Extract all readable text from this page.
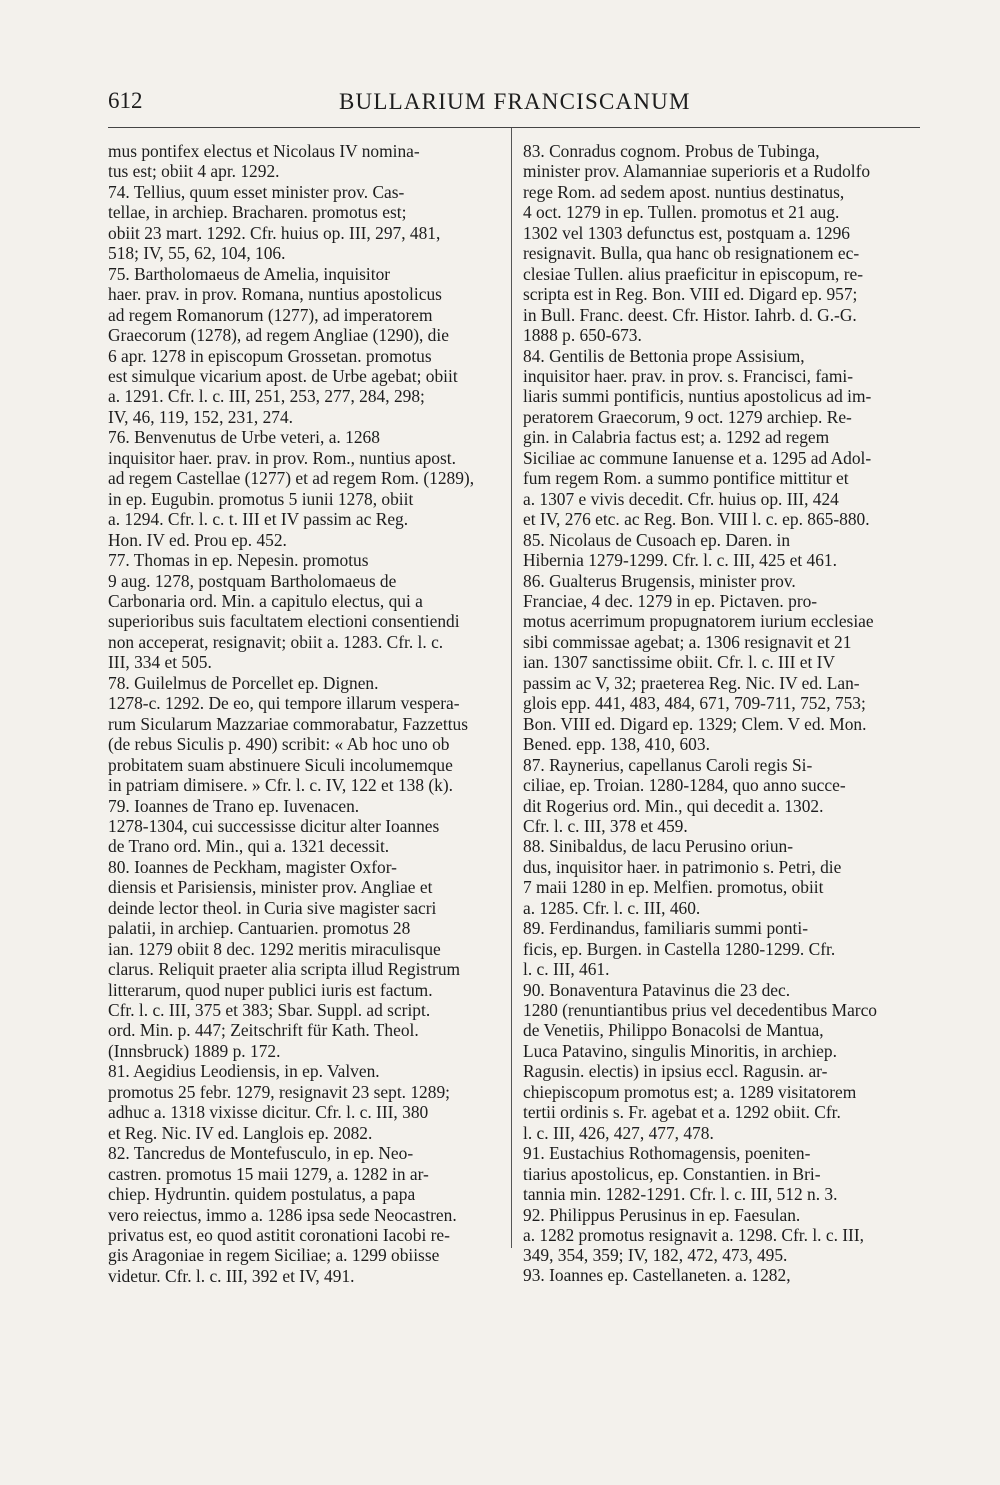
612	BULLARIUM FRANCISCANUM
mus pontifex electus et Nicolaus IV nomina-
tus est; obiit 4 apr. 1292.
74. Tellius, quum esset minister prov. Cas-
tellae, in archiep. Bracharen. promotus est;
obiit 23 mart. 1292. Cfr. huius op. III, 297, 481,
518; IV, 55, 62, 104, 106.
75. Bartholomaeus de Amelia, inquisitor
haer. prav. in prov. Romana, nuntius apostolicus
ad regem Romanorum (1277), ad imperatorem
Graecorum (1278), ad regem Angliae (1290), die
6 apr. 1278 in episcopum Grossetan. promotus
est simulque vicarium apost. de Urbe agebat; obiit
a. 1291. Cfr. l. c. III, 251, 253, 277, 284, 298;
IV, 46, 119, 152, 231, 274.
76. Benvenutus de Urbe veteri, a. 1268
inquisitor haer. prav. in prov. Rom., nuntius apost.
ad regem Castellae (1277) et ad regem Rom. (1289),
in ep. Eugubin. promotus 5 iunii 1278, obiit
a. 1294. Cfr. l. c. t. III et IV passim ac Reg.
Hon. IV ed. Prou ep. 452.
77. Thomas in ep. Nepesin. promotus
9 aug. 1278, postquam Bartholomaeus de
Carbonaria ord. Min. a capitulo electus, qui a
superioribus suis facultatem electioni consentiendi
non acceperat, resignavit; obiit a. 1283. Cfr. l. c.
III, 334 et 505.
78. Guilelmus de Porcellet ep. Dignen.
1278-c. 1292. De eo, qui tempore illarum vespera-
rum Sicularum Mazzariae commorabatur, Fazzettus
(de rebus Siculis p. 490) scribit: « Ab hoc uno ob
probitatem suam abstinuere Siculi incolumemque
in patriam dimisere. » Cfr. l. c. IV, 122 et 138 (k).
79. Ioannes de Trano ep. Iuvenacen.
1278-1304, cui successisse dicitur alter Ioannes
de Trano ord. Min., qui a. 1321 decessit.
80. Ioannes de Peckham, magister Oxfor-
diensis et Parisiensis, minister prov. Angliae et
deinde lector theol. in Curia sive magister sacri
palatii, in archiep. Cantuarien. promotus 28
ian. 1279 obiit 8 dec. 1292 meritis miraculisque
clarus. Reliquit praeter alia scripta illud Registrum
litterarum, quod nuper publici iuris est factum.
Cfr. l. c. III, 375 et 383; Sbar. Suppl. ad script.
ord. Min. p. 447; Zeitschrift für Kath. Theol.
(Innsbruck) 1889 p. 172.
81. Aegidius Leodiensis, in ep. Valven.
promotus 25 febr. 1279, resignavit 23 sept. 1289;
adhuc a. 1318 vixisse dicitur. Cfr. l. c. III, 380
et Reg. Nic. IV ed. Langlois ep. 2082.
82. Tancredus de Montefusculo, in ep. Neo-
castren. promotus 15 maii 1279, a. 1282 in ar-
chiep. Hydruntin. quidem postulatus, a papa
vero reiectus, immo a. 1286 ipsa sede Neocastren.
privatus est, eo quod astitit coronationi Iacobi re-
gis Aragoniae in regem Siciliae; a. 1299 obiisse
videtur. Cfr. l. c. III, 392 et IV, 491.
83. Conradus cognom. Probus de Tubinga,
minister prov. Alamanniae superioris et a Rudolfo
rege Rom. ad sedem apost. nuntius destinatus,
4 oct. 1279 in ep. Tullen. promotus et 21 aug.
1302 vel 1303 defunctus est, postquam a. 1296
resignavit. Bulla, qua hanc ob resignationem ec-
clesiae Tullen. alius praeficitur in episcopum, re-
scripta est in Reg. Bon. VIII ed. Digard ep. 957;
in Bull. Franc. deest. Cfr. Histor. Iahrb. d. G.-G.
1888 p. 650-673.
84. Gentilis de Bettonia prope Assisium,
inquisitor haer. prav. in prov. s. Francisci, fami-
liaris summi pontificis, nuntius apostolicus ad im-
peratorem Graecorum, 9 oct. 1279 archiep. Re-
gin. in Calabria factus est; a. 1292 ad regem
Siciliae ac commune Ianuense et a. 1295 ad Adol-
fum regem Rom. a summo pontifice mittitur et
a. 1307 e vivis decedit. Cfr. huius op. III, 424
et IV, 276 etc. ac Reg. Bon. VIII l. c. ep. 865-880.
85. Nicolaus de Cusoach ep. Daren. in
Hibernia 1279-1299. Cfr. l. c. III, 425 et 461.
86. Gualterus Brugensis, minister prov.
Franciae, 4 dec. 1279 in ep. Pictaven. pro-
motus acerrimum propugnatorem iurium ecclesiae
sibi commissae agebat; a. 1306 resignavit et 21
ian. 1307 sanctissime obiit. Cfr. l. c. III et IV
passim ac V, 32; praeterea Reg. Nic. IV ed. Lan-
glois epp. 441, 483, 484, 671, 709-711, 752, 753;
Bon. VIII ed. Digard ep. 1329; Clem. V ed. Mon.
Bened. epp. 138, 410, 603.
87. Raynerius, capellanus Caroli regis Si-
ciliae, ep. Troian. 1280-1284, quo anno succe-
dit Rogerius ord. Min., qui decedit a. 1302.
Cfr. l. c. III, 378 et 459.
88. Sinibaldus, de lacu Perusino oriun-
dus, inquisitor haer. in patrimonio s. Petri, die
7 maii 1280 in ep. Melfien. promotus, obiit
a. 1285. Cfr. l. c. III, 460.
89. Ferdinandus, familiaris summi ponti-
ficis, ep. Burgen. in Castella 1280-1299. Cfr.
l. c. III, 461.
90. Bonaventura Patavinus die 23 dec.
1280 (renuntiantibus prius vel decedentibus Marco
de Venetiis, Philippo Bonacolsi de Mantua,
Luca Patavino, singulis Minoritis, in archiep.
Ragusin. electis) in ipsius eccl. Ragusin. ar-
chiepiscopum promotus est; a. 1289 visitatorem
tertii ordinis s. Fr. agebat et a. 1292 obiit. Cfr.
l. c. III, 426, 427, 477, 478.
91. Eustachius Rothomagensis, poeniten-
tiarius apostolicus, ep. Constantien. in Bri-
tannia min. 1282-1291. Cfr. l. c. III, 512 n. 3.
92. Philippus Perusinus in ep. Faesulan.
a. 1282 promotus resignavit a. 1298. Cfr. l. c. III,
349, 354, 359; IV, 182, 472, 473, 495.
93. Ioannes ep. Castellaneten. a. 1282,
